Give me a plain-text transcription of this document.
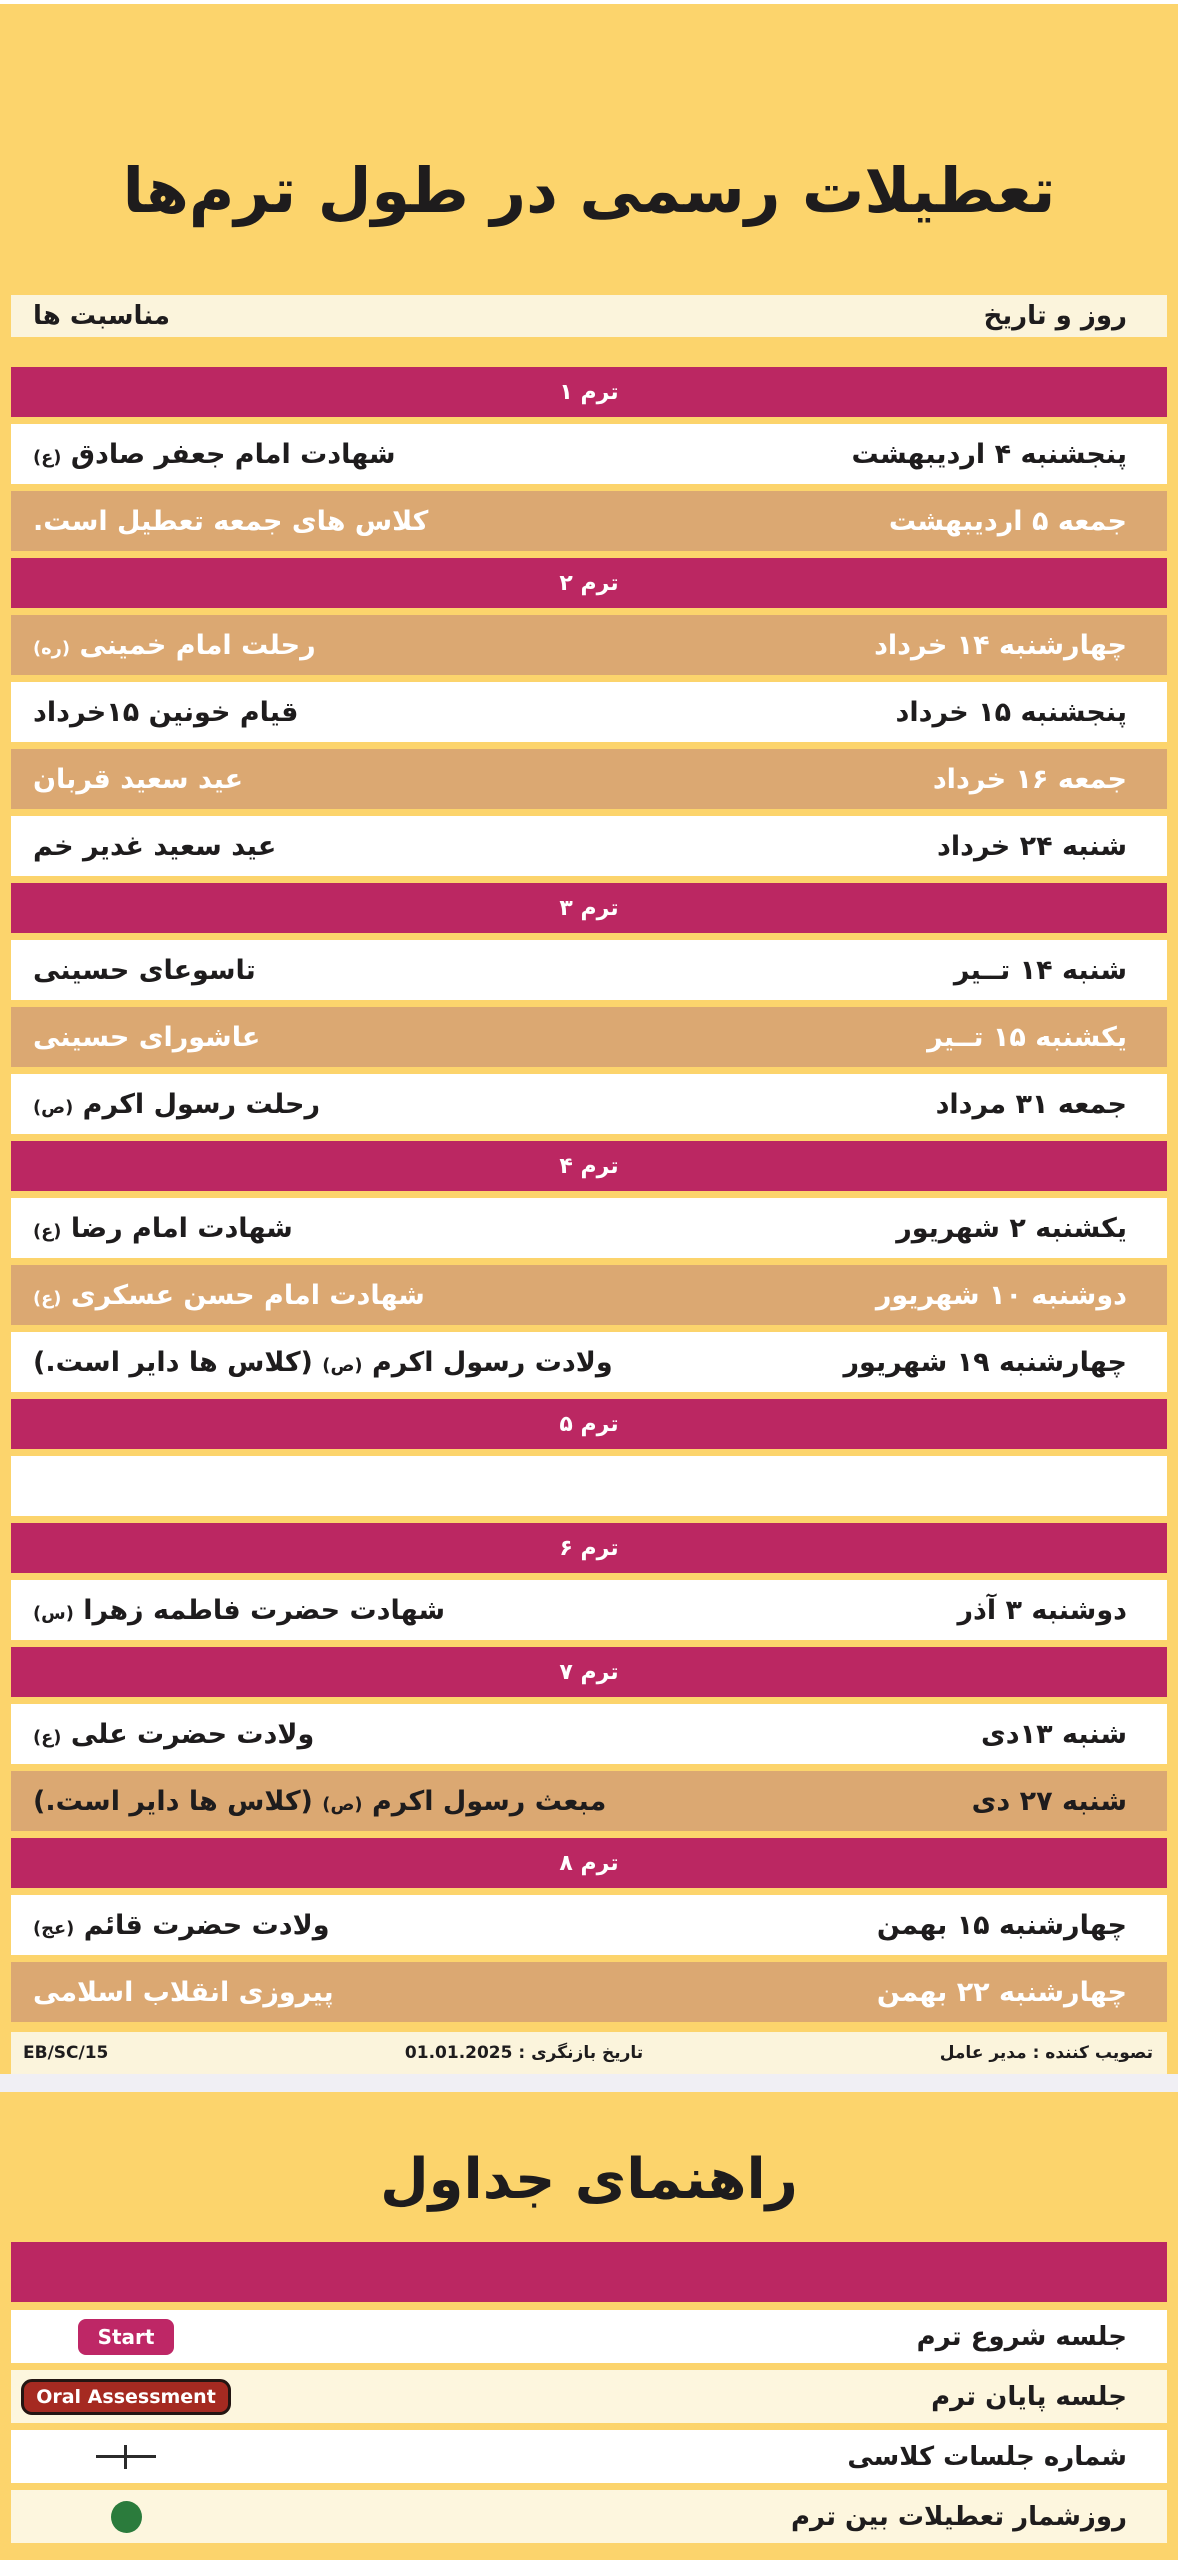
تعطیلات رسمی در طول ترم‌ها
روز و تاریخ
مناسبت ها
ترم ۱
پنجشنبه ۴ اردیبهشت
شهادت امام جعفر صادق (ع)
جمعه ۵ اردیبهشت
کلاس های جمعه تعطیل است.
ترم ۲
چهارشنبه ۱۴ خرداد
رحلت امام خمینی (ره)
پنجشنبه ۱۵ خرداد
قیام خونین ۱۵خرداد
جمعه ۱۶ خرداد
عید سعید قربان
شنبه ۲۴ خرداد
عید سعید غدیر خم
ترم ۳
شنبه ۱۴ تــیر
تاسوعای حسینی
یکشنبه ۱۵ تــیر
عاشورای حسینی
جمعه ۳۱ مرداد
رحلت رسول اکرم (ص)
ترم ۴
یکشنبه ۲ شهریور
شهادت امام رضا (ع)
دوشنبه ۱۰ شهریور
شهادت امام حسن عسکری (ع)
چهارشنبه ۱۹ شهریور
ولادت رسول اکرم (ص) (کلاس ها دایر است.)
ترم ۵
ترم ۶
دوشنبه ۳ آذر
شهادت حضرت فاطمه زهرا (س)
ترم ۷
شنبه ۱۳دی
ولادت حضرت علی (ع)
شنبه ۲۷ دی
مبعث رسول اکرم (ص) (کلاس ها دایر است.)
ترم ۸
چهارشنبه ۱۵ بهمن
ولادت حضرت قائم (عج)
چهارشنبه ۲۲ بهمن
پیروزی انقلاب اسلامی
تصویب کننده : مدیر عامل
تاریخ بازنگری : 01.01.2025
EB/SC/15
راهنمای جداول
جلسه شروع ترم
Start
جلسه پایان ترم
Oral Assessment
شماره جلسات کلاسی
روزشمار تعطیلات بین ترم
